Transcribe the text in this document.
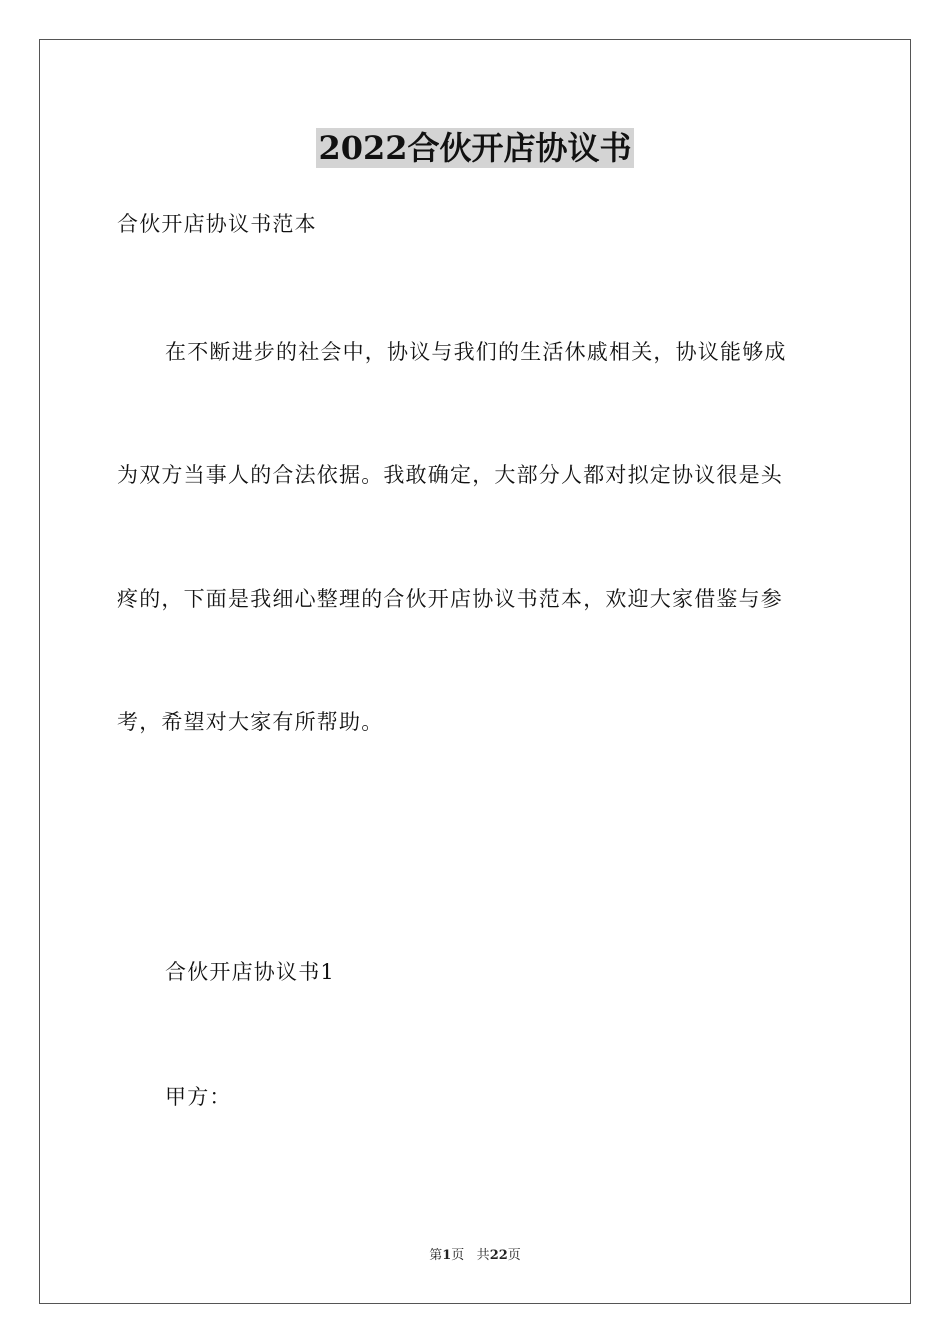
2022合伙开店协议书
合伙开店协议书范本
在不断进步的社会中，协议与我们的生活休戚相关，协议能够成
为双方当事人的合法依据。我敢确定，大部分人都对拟定协议很是头
疼的，下面是我细心整理的合伙开店协议书范本，欢迎大家借鉴与参
考，希望对大家有所帮助。
合伙开店协议书1
甲方：
第1页 共22页
